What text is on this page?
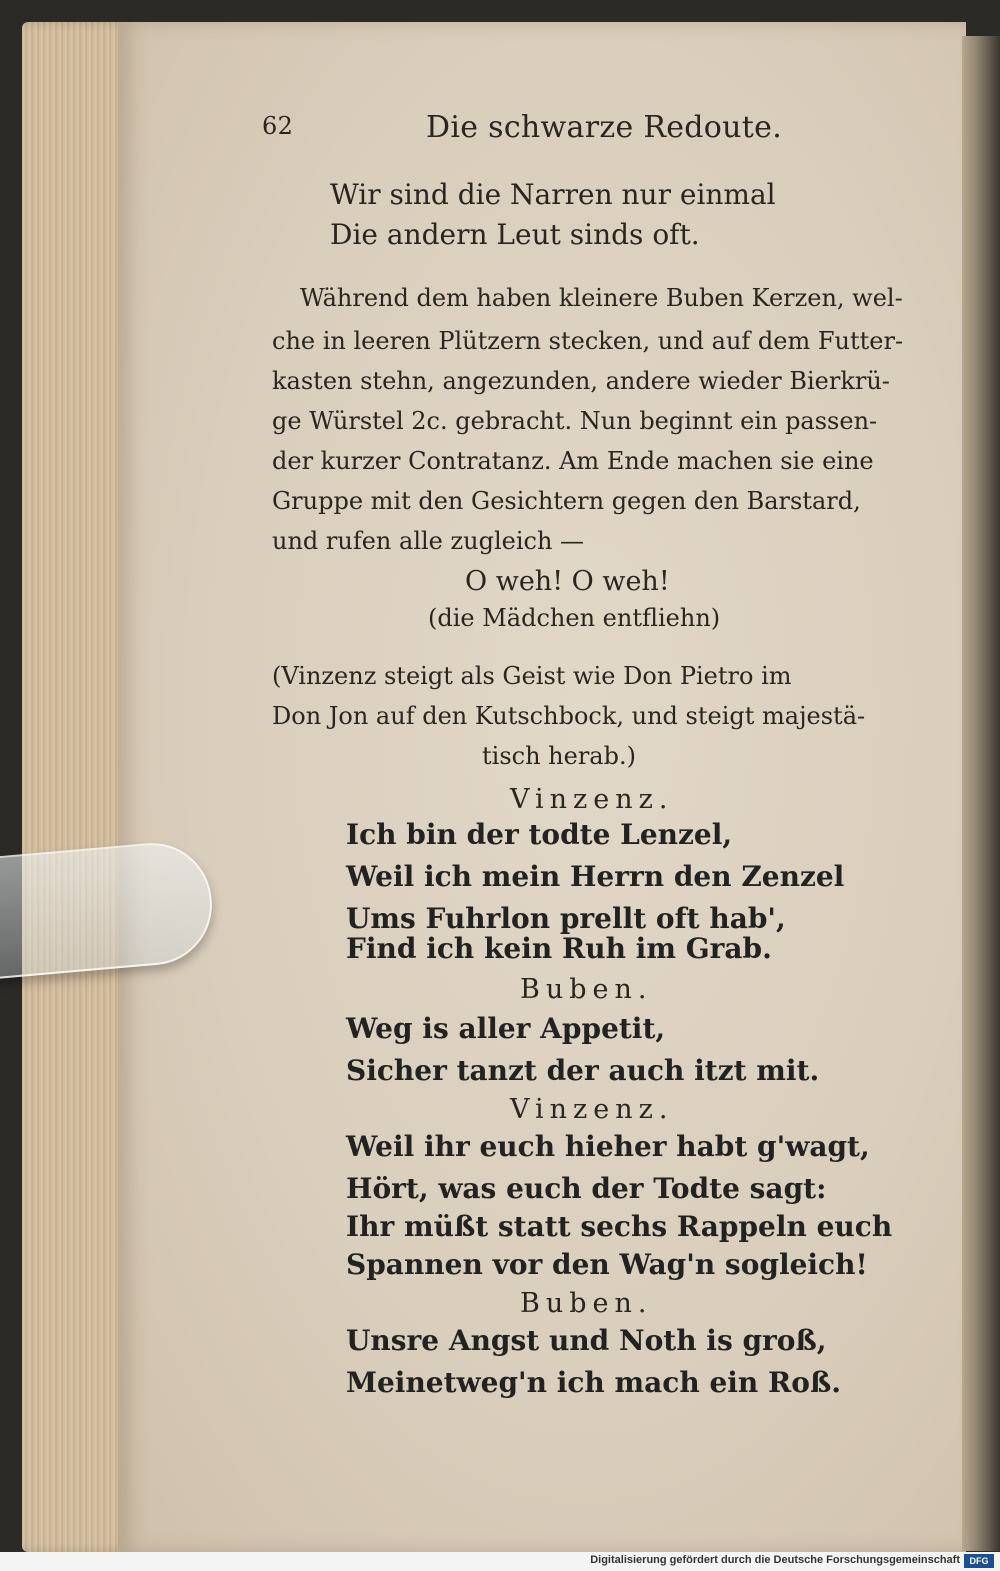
62	Die schwarze Redoute.
Wir sind die Narren nur einmal
Die andern Leut sinds oft.
Während dem haben kleinere Buben Kerzen, wel-
che in leeren Plützern stecken, und auf dem Futter-
kasten stehn, angezunden, andere wieder Bierkrü-
ge Würstel 2c. gebracht. Nun beginnt ein passen-
der kurzer Contratanz. Am Ende machen sie eine
Gruppe mit den Gesichtern gegen den Barstard,
und rufen alle zugleich —
O weh! O weh!
(die Mädchen entfliehn)
(Vinzenz steigt als Geist wie Don Pietro im
Don Jon auf den Kutschbock, und steigt majestä-
tisch herab.)
Vinzenz.
Ich bin der todte Lenzel,
Weil ich mein Herrn den Zenzel
Ums Fuhrlon prellt oft hab',
Find ich kein Ruh im Grab.
Buben.
Weg is aller Appetit,
Sicher tanzt der auch itzt mit.
Vinzenz.
Weil ihr euch hieher habt g'wagt,
Hört, was euch der Todte sagt:
Ihr müßt statt sechs Rappeln euch
Spannen vor den Wag'n sogleich!
Buben.
Unsre Angst und Noth is groß,
Meinetweg'n ich mach ein Roß.
Digitalisierung gefördert durch die Deutsche Forschungsgemeinschaft	DFG
